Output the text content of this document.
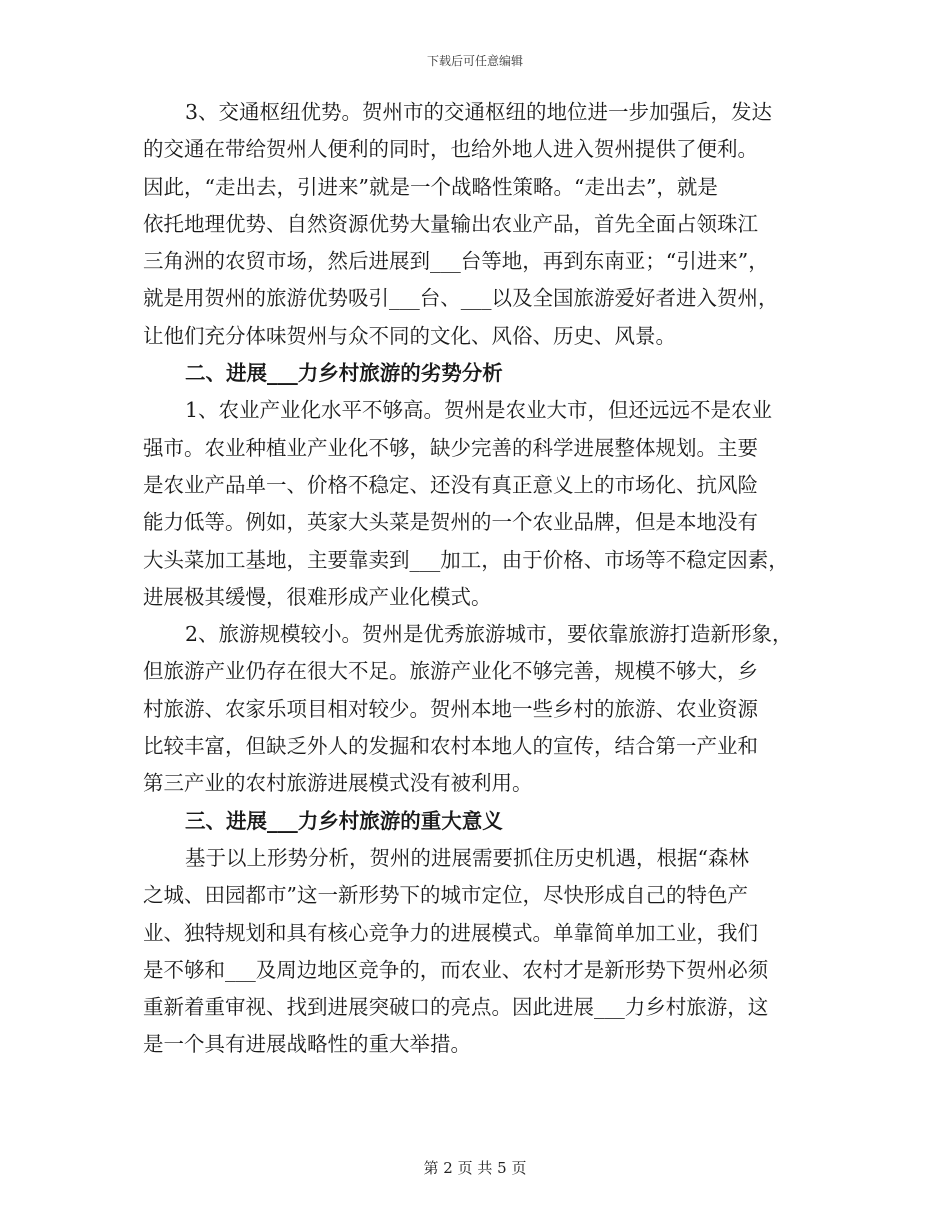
下载后可任意编辑
3、交通枢纽优势。贺州市的交通枢纽的地位进一步加强后，发达
的交通在带给贺州人便利的同时，也给外地人进入贺州提供了便利。
因此，“走出去，引进来”就是一个战略性策略。“走出去”，就是
依托地理优势、自然资源优势大量输出农业产品，首先全面占领珠江
三角洲的农贸市场，然后进展到___台等地，再到东南亚；“引进来”，
就是用贺州的旅游优势吸引___台、___以及全国旅游爱好者进入贺州，
让他们充分体味贺州与众不同的文化、风俗、历史、风景。
二、进展___力乡村旅游的劣势分析
1、农业产业化水平不够高。贺州是农业大市，但还远远不是农业
强市。农业种植业产业化不够，缺少完善的科学进展整体规划。主要
是农业产品单一、价格不稳定、还没有真正意义上的市场化、抗风险
能力低等。例如，英家大头菜是贺州的一个农业品牌，但是本地没有
大头菜加工基地，主要靠卖到___加工，由于价格、市场等不稳定因素，
进展极其缓慢，很难形成产业化模式。
2、旅游规模较小。贺州是优秀旅游城市，要依靠旅游打造新形象，
但旅游产业仍存在很大不足。旅游产业化不够完善，规模不够大，乡
村旅游、农家乐项目相对较少。贺州本地一些乡村的旅游、农业资源
比较丰富，但缺乏外人的发掘和农村本地人的宣传，结合第一产业和
第三产业的农村旅游进展模式没有被利用。
三、进展___力乡村旅游的重大意义
基于以上形势分析，贺州的进展需要抓住历史机遇，根据“森林
之城、田园都市”这一新形势下的城市定位，尽快形成自己的特色产
业、独特规划和具有核心竞争力的进展模式。单靠简单加工业，我们
是不够和___及周边地区竞争的，而农业、农村才是新形势下贺州必须
重新着重审视、找到进展突破口的亮点。因此进展___力乡村旅游，这
是一个具有进展战略性的重大举措。
第 2 页 共 5 页
